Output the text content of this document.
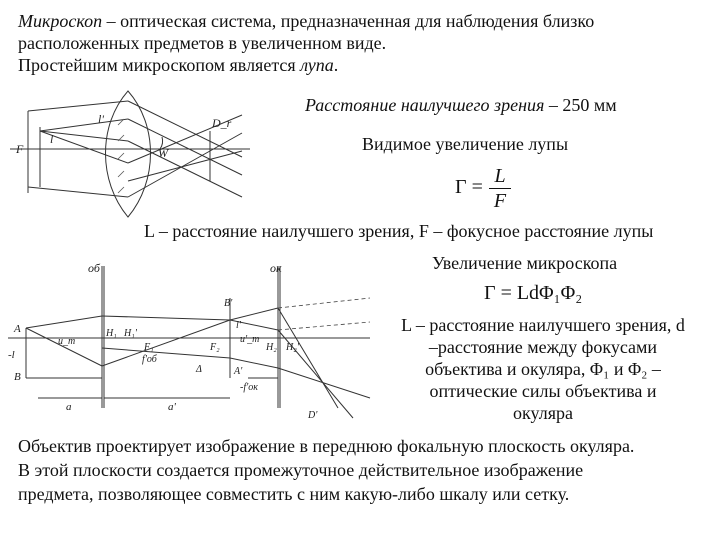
Микроскоп – оптическая система, предназначенная для наблюдения близко
расположенных предметов в увеличенном виде.
Простейшим микроскопом является лупа.
Расстояние наилучшего зрения – 250 мм
Видимое увеличение лупы
Γ = L
F
L – расстояние наилучшего зрения, F – фокусное расстояние лупы
Увеличение микроскопа
Γ = LdΦ₁Φ₂
L – расстояние наилучшего зрения, d
–расстояние между фокусами
объектива и окуляра, Φ₁ и Φ₂ –
оптические силы объектива и
окуляра
Объектив проектирует изображение в переднюю фокальную плоскость окуляра.
В этой плоскости создается промежуточное действительное изображение
предмета, позволяющее совместить с ним какую-либо шкалу или сетку.
F
l
l'
W
D_r
об	ок
A
B
-l
a	a'
u_m
H₁ H₁'
F₁
f'об
Δ
F₂
B'
l'
u'_m
A'
-f'ок
H₂ H₂'
D'
